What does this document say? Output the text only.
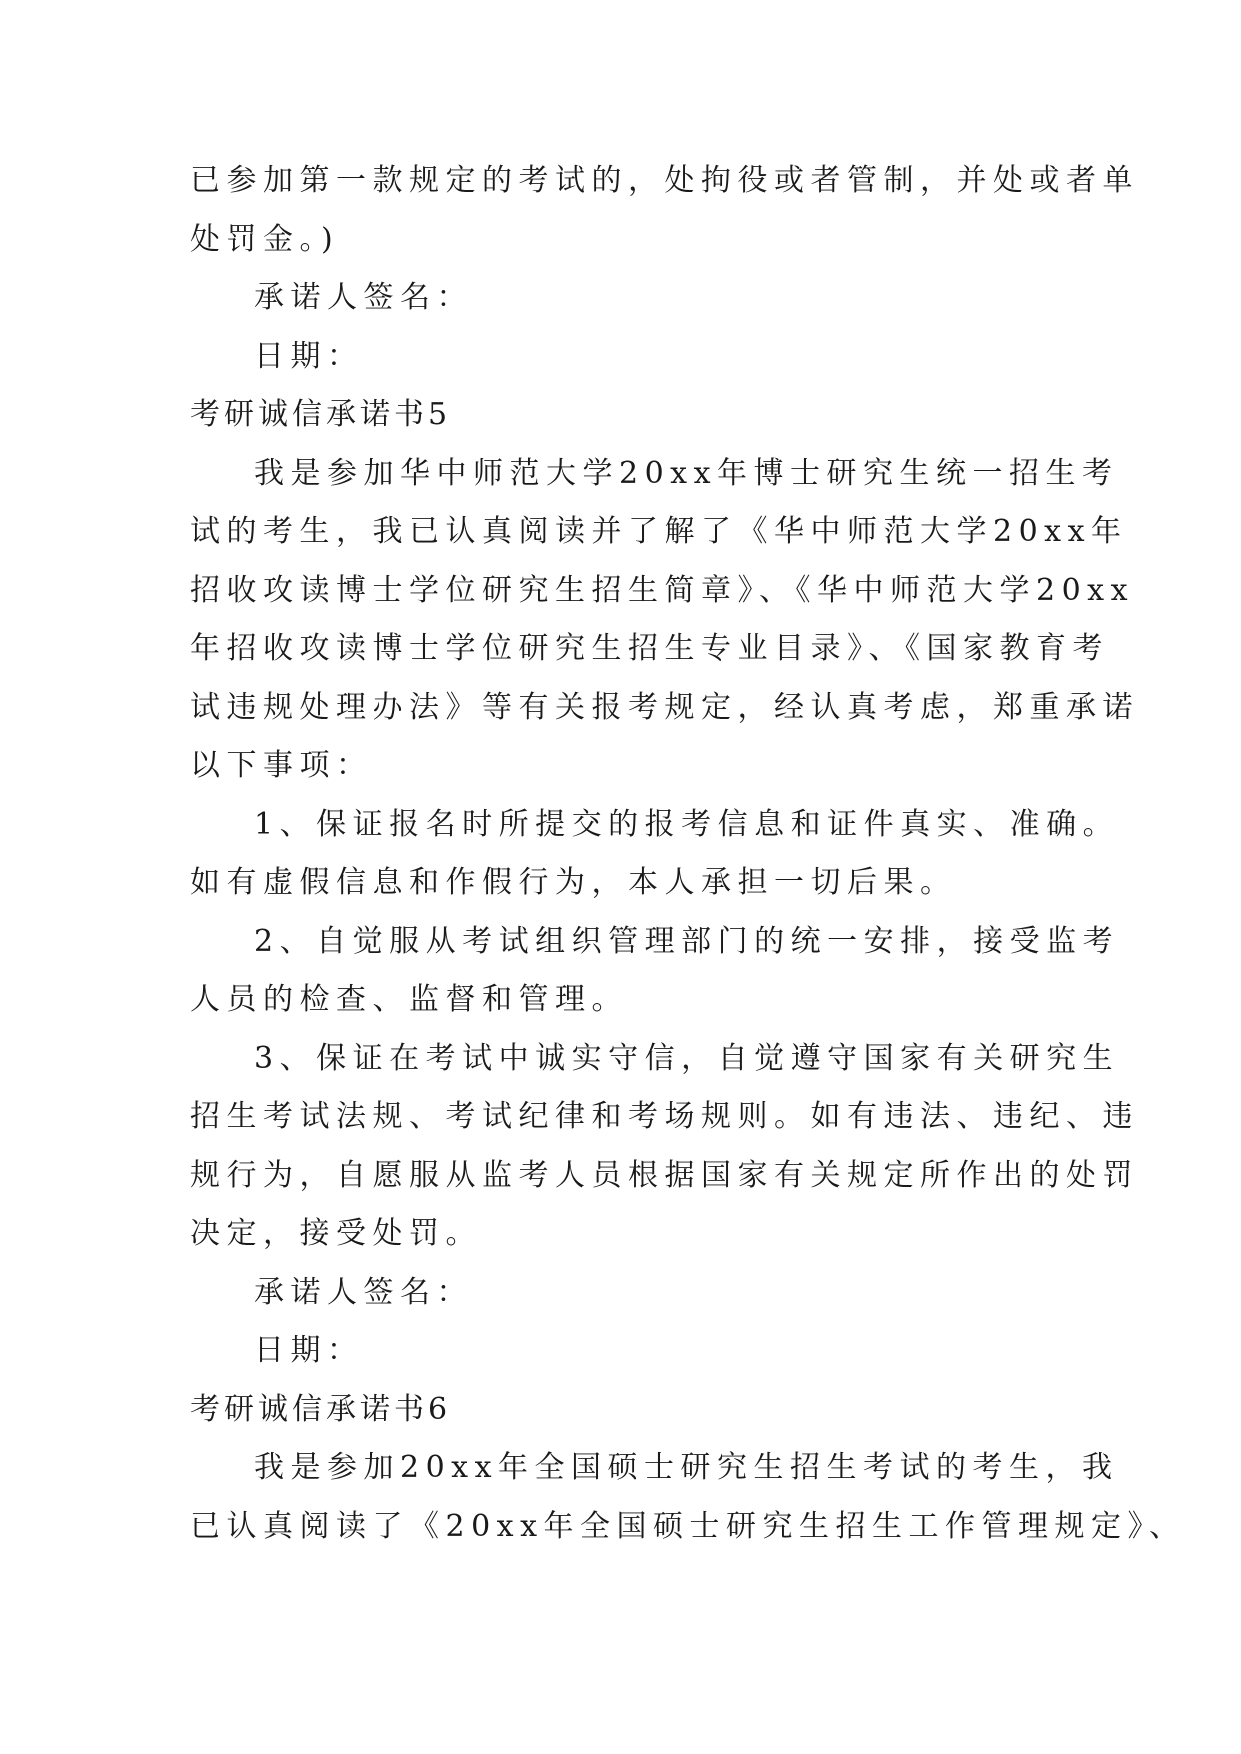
已参加第一款规定的考试的，处拘役或者管制，并处或者单
处罚金。)
承诺人签名：
日期：
考研诚信承诺书5
我是参加华中师范大学20xx年博士研究生统一招生考
试的考生，我已认真阅读并了解了《华中师范大学20xx年
招收攻读博士学位研究生招生简章》、《华中师范大学20xx
年招收攻读博士学位研究生招生专业目录》、《国家教育考
试违规处理办法》等有关报考规定，经认真考虑，郑重承诺
以下事项：
1、保证报名时所提交的报考信息和证件真实、准确。
如有虚假信息和作假行为，本人承担一切后果。
2、自觉服从考试组织管理部门的统一安排，接受监考
人员的检查、监督和管理。
3、保证在考试中诚实守信，自觉遵守国家有关研究生
招生考试法规、考试纪律和考场规则。如有违法、违纪、违
规行为，自愿服从监考人员根据国家有关规定所作出的处罚
决定，接受处罚。
承诺人签名：
日期：
考研诚信承诺书6
我是参加20xx年全国硕士研究生招生考试的考生，我
已认真阅读了《20xx年全国硕士研究生招生工作管理规定》、
